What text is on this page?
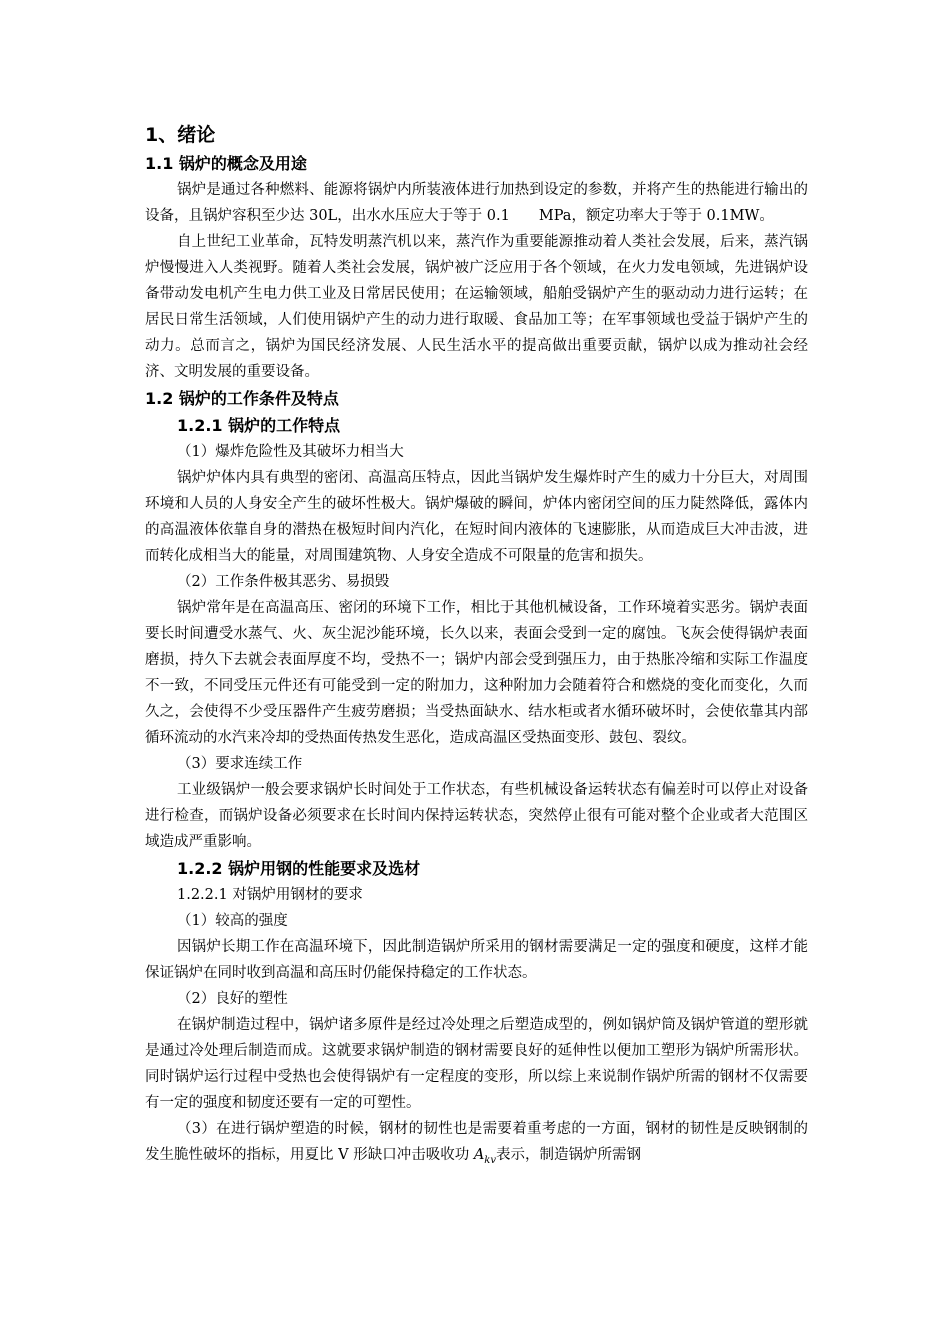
1、绪论
1.1 锅炉的概念及用途

锅炉是通过各种燃料、能源将锅炉内所装液体进行加热到设定的参数，并将产生的热能进行输出的设备，且锅炉容积至少达 30L，出水水压应大于等于 0.1　　MPa，额定功率大于等于 0.1MW。

自上世纪工业革命，瓦特发明蒸汽机以来，蒸汽作为重要能源推动着人类社会发展，后来，蒸汽锅炉慢慢进入人类视野。随着人类社会发展，锅炉被广泛应用于各个领域，在火力发电领域，先进锅炉设备带动发电机产生电力供工业及日常居民使用；在运输领域，船舶受锅炉产生的驱动动力进行运转；在居民日常生活领域，人们使用锅炉产生的动力进行取暖、食品加工等；在军事领域也受益于锅炉产生的动力。总而言之，锅炉为国民经济发展、人民生活水平的提高做出重要贡献，锅炉以成为推动社会经济、文明发展的重要设备。

1.2 锅炉的工作条件及特点
1.2.1 锅炉的工作特点
（1）爆炸危险性及其破坏力相当大

锅炉炉体内具有典型的密闭、高温高压特点，因此当锅炉发生爆炸时产生的威力十分巨大，对周围环境和人员的人身安全产生的破坏性极大。锅炉爆破的瞬间，炉体内密闭空间的压力陡然降低，露体内的高温液体依靠自身的潜热在极短时间内汽化，在短时间内液体的飞速膨胀，从而造成巨大冲击波，进而转化成相当大的能量，对周围建筑物、人身安全造成不可限量的危害和损失。

（2）工作条件极其恶劣、易损毁

锅炉常年是在高温高压、密闭的环境下工作，相比于其他机械设备，工作环境着实恶劣。锅炉表面要长时间遭受水蒸气、火、灰尘泥沙能环境，长久以来，表面会受到一定的腐蚀。飞灰会使得锅炉表面磨损，持久下去就会表面厚度不均，受热不一；锅炉内部会受到强压力，由于热胀冷缩和实际工作温度不一致，不同受压元件还有可能受到一定的附加力，这种附加力会随着符合和燃烧的变化而变化，久而久之，会使得不少受压器件产生疲劳磨损；当受热面缺水、结水柜或者水循环破坏时，会使依靠其内部循环流动的水汽来冷却的受热面传热发生恶化，造成高温区受热面变形、鼓包、裂纹。

（3）要求连续工作

工业级锅炉一般会要求锅炉长时间处于工作状态，有些机械设备运转状态有偏差时可以停止对设备进行检查，而锅炉设备必须要求在长时间内保持运转状态，突然停止很有可能对整个企业或者大范围区域造成严重影响。

1.2.2 锅炉用钢的性能要求及选材
1.2.2.1 对锅炉用钢材的要求
（1）较高的强度

因锅炉长期工作在高温环境下，因此制造锅炉所采用的钢材需要满足一定的强度和硬度，这样才能保证锅炉在同时收到高温和高压时仍能保持稳定的工作状态。

（2）良好的塑性

在锅炉制造过程中，锅炉诸多原件是经过冷处理之后塑造成型的，例如锅炉筒及锅炉管道的塑形就是通过冷处理后制造而成。这就要求锅炉制造的钢材需要良好的延伸性以便加工塑形为锅炉所需形状。同时锅炉运行过程中受热也会使得锅炉有一定程度的变形，所以综上来说制作锅炉所需的钢材不仅需要有一定的强度和韧度还要有一定的可塑性。

（3）在进行锅炉塑造的时候，钢材的韧性也是需要着重考虑的一方面，钢材的韧性是反映钢制的发生脆性破坏的指标，用夏比 V 形缺口冲击吸收功 $A_{kv}$表示，制造锅炉所需钢
